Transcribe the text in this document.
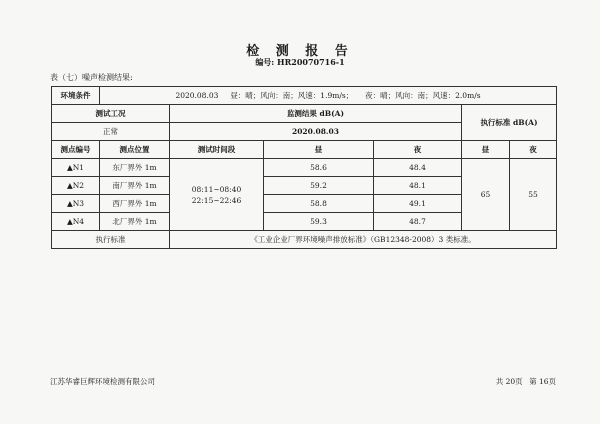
检 测 报 告
编号: HR20070716-1
表（七）噪声检测结果:
环境条件	2020.08.03 昼：晴；风向：南；风速：1.9m/s； 夜：晴；风向：南；风速：2.0m/s					
测试工况		监测结果 dB(A)			执行标准 dB(A)	
正常		2020.08.03				
测点编号	测点位置	测试时间段	昼	夜	昼	夜
▲N1	东厂界外 1m	08:11~08:40 22:15~22:46	58.6	48.4	65	55
▲N2	南厂界外 1m		59.2	48.1		
▲N3	西厂界外 1m		58.8	49.1		
▲N4	北厂界外 1m		59.3	48.7		
执行标准		《工业企业厂界环境噪声排放标准》（GB12348-2008）3 类标准。				
江苏华睿巨辉环境检测有限公司	共 20页 第 16页
